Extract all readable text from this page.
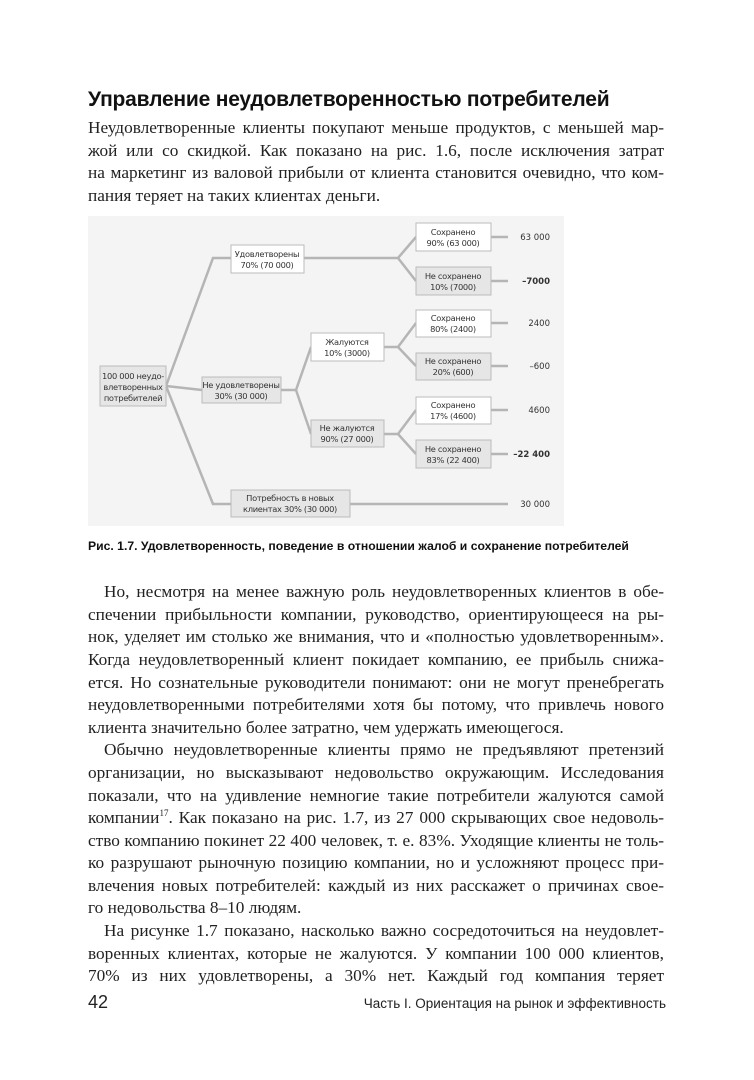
Управление неудовлетворенностью потребителей
Неудовлетворенные клиенты покупают меньше продуктов, с меньшей мар-
жой или со скидкой. Как показано на рис. 1.6, после исключения затрат
на маркетинг из валовой прибыли от клиента становится очевидно, что ком-
пания теряет на таких клиентах деньги.
100 000 неудо-
влетворенных
потребителей
Удовлетворены
70% (70 000)
Не удовлетворены
30% (30 000)
Жалуются
10% (3000)
Не жалуются
90% (27 000)
Потребность в новых
клиентах 30% (30 000)
Сохранено
90% (63 000)
Не сохранено
10% (7000)
Сохранено
80% (2400)
Не сохранено
20% (600)
Сохранено
17% (4600)
Не сохранено
83% (22 400)
63 000
–7000
2400
–600
4600
–22 400
30 000
Рис. 1.7. Удовлетворенность, поведение в отношении жалоб и сохранение потребителей
Но, несмотря на менее важную роль неудовлетворенных клиентов в обе-
спечении прибыльности компании, руководство, ориентирующееся на ры-
нок, уделяет им столько же внимания, что и «полностью удовлетворенным».
Когда неудовлетворенный клиент покидает компанию, ее прибыль снижа-
ется. Но сознательные руководители понимают: они не могут пренебрегать
неудовлетворенными потребителями хотя бы потому, что привлечь нового
клиента значительно более затратно, чем удержать имеющегося.
Обычно неудовлетворенные клиенты прямо не предъявляют претензий
организации, но высказывают недовольство окружающим. Исследования
показали, что на удивление немногие такие потребители жалуются самой
компании$^{17}$. Как показано на рис. 1.7, из 27 000 скрывающих свое недоволь-
ство компанию покинет 22 400 человек, т. е. 83%. Уходящие клиенты не толь-
ко разрушают рыночную позицию компании, но и усложняют процесс при-
влечения новых потребителей: каждый из них расскажет о причинах свое-
го недовольства 8–10 людям.
На рисунке 1.7 показано, насколько важно сосредоточиться на неудовлет-
воренных клиентах, которые не жалуются. У компании 100 000 клиентов,
70% из них удовлетворены, а 30% нет. Каждый год компания теряет
42	Часть I. Ориентация на рынок и эффективность
